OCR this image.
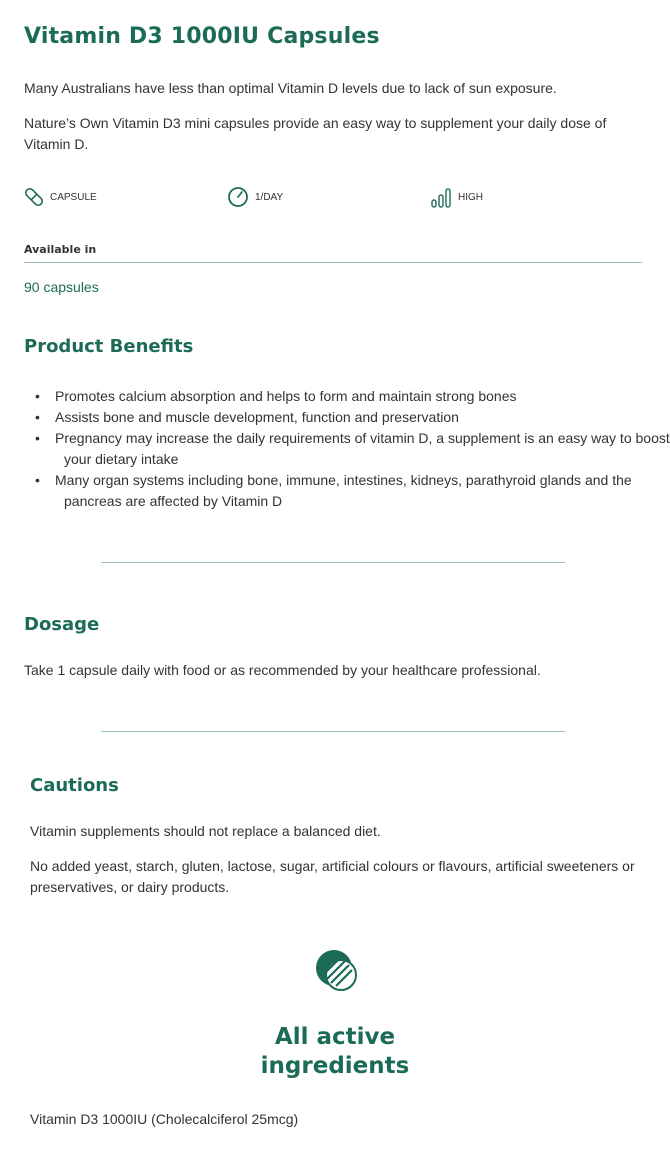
Vitamin D3 1000IU Capsules

Many Australians have less than optimal Vitamin D levels due to lack of sun exposure.

Nature’s Own Vitamin D3 mini capsules provide an easy way to supplement your daily dose of Vitamin D.

CAPSULE	1/DAY	HIGH
Available in
90 capsules
Product Benefits
• Promotes calcium absorption and helps to form and maintain strong bones
• Assists bone and muscle development, function and preservation
• Pregnancy may increase the daily requirements of vitamin D, a supplement is an easy way to boost your dietary intake
• Many organ systems including bone, immune, intestines, kidneys, parathyroid glands and the pancreas are affected by Vitamin D
Dosage

Take 1 capsule daily with food or as recommended by your healthcare professional.

Cautions

Vitamin supplements should not replace a balanced diet.

No added yeast, starch, gluten, lactose, sugar, artificial colours or flavours, artificial sweeteners or preservatives, or dairy products.

All active
ingredients
Vitamin D3 1000IU (Cholecalciferol 25mcg)
